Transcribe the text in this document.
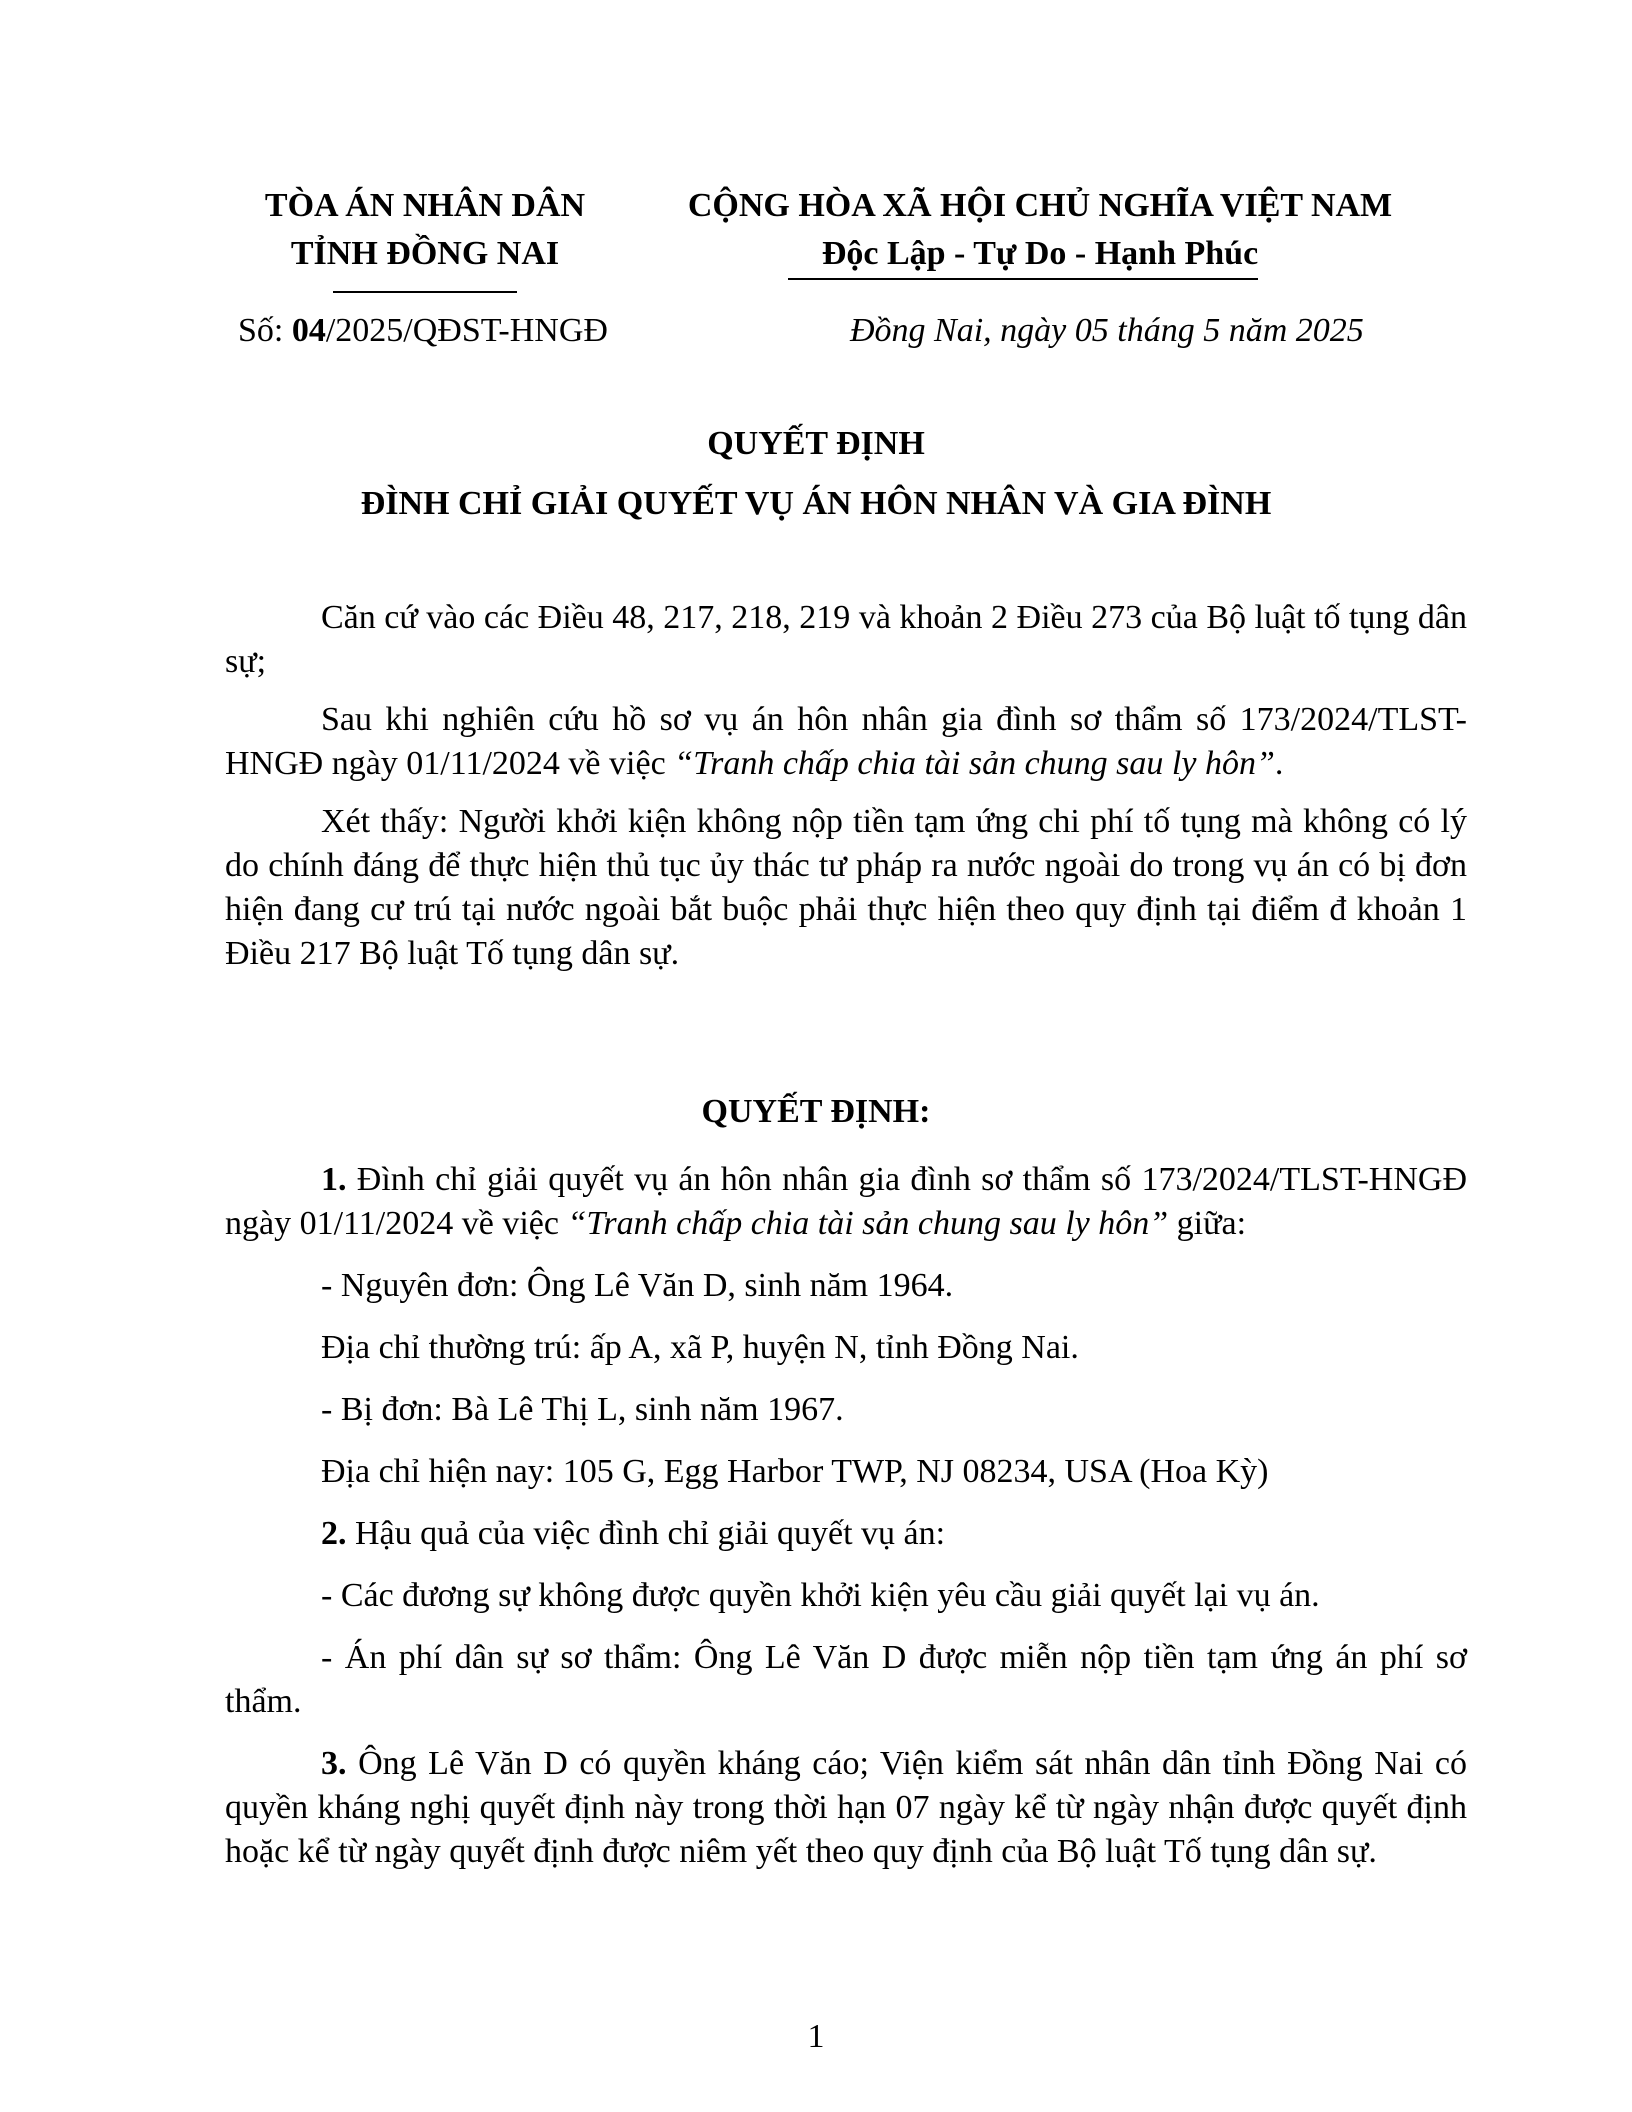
TÒA ÁN NHÂN DÂN
TỈNH ĐỒNG NAI
CỘNG HÒA XÃ HỘI CHỦ NGHĨA VIỆT NAM
Độc Lập - Tự Do - Hạnh Phúc
Số: 04/2025/QĐST-HNGĐ	Đồng Nai, ngày 05 tháng 5 năm 2025
QUYẾT ĐỊNH
ĐÌNH CHỈ GIẢI QUYẾT VỤ ÁN HÔN NHÂN VÀ GIA ĐÌNH

Căn cứ vào các Điều 48, 217, 218, 219 và khoản 2 Điều 273 của Bộ luật tố tụng dân sự;

Sau khi nghiên cứu hồ sơ vụ án hôn nhân gia đình sơ thẩm số 173/2024/TLST-HNGĐ ngày 01/11/2024 về việc “Tranh chấp chia tài sản chung sau ly hôn”.

Xét thấy: Người khởi kiện không nộp tiền tạm ứng chi phí tố tụng mà không có lý do chính đáng để thực hiện thủ tục ủy thác tư pháp ra nước ngoài do trong vụ án có bị đơn hiện đang cư trú tại nước ngoài bắt buộc phải thực hiện theo quy định tại điểm đ khoản 1 Điều 217 Bộ luật Tố tụng dân sự.

QUYẾT ĐỊNH:

1. Đình chỉ giải quyết vụ án hôn nhân gia đình sơ thẩm số 173/2024/TLST-HNGĐ ngày 01/11/2024 về việc “Tranh chấp chia tài sản chung sau ly hôn” giữa:

- Nguyên đơn: Ông Lê Văn D, sinh năm 1964.

Địa chỉ thường trú: ấp A, xã P, huyện N, tỉnh Đồng Nai.

- Bị đơn: Bà Lê Thị L, sinh năm 1967.

Địa chỉ hiện nay: 105 G, Egg Harbor TWP, NJ 08234, USA (Hoa Kỳ)

2. Hậu quả của việc đình chỉ giải quyết vụ án:

- Các đương sự không được quyền khởi kiện yêu cầu giải quyết lại vụ án.

- Án phí dân sự sơ thẩm: Ông Lê Văn D được miễn nộp tiền tạm ứng án phí sơ thẩm.

3. Ông Lê Văn D có quyền kháng cáo; Viện kiểm sát nhân dân tỉnh Đồng Nai có quyền kháng nghị quyết định này trong thời hạn 07 ngày kể từ ngày nhận được quyết định hoặc kể từ ngày quyết định được niêm yết theo quy định của Bộ luật Tố tụng dân sự.

1
